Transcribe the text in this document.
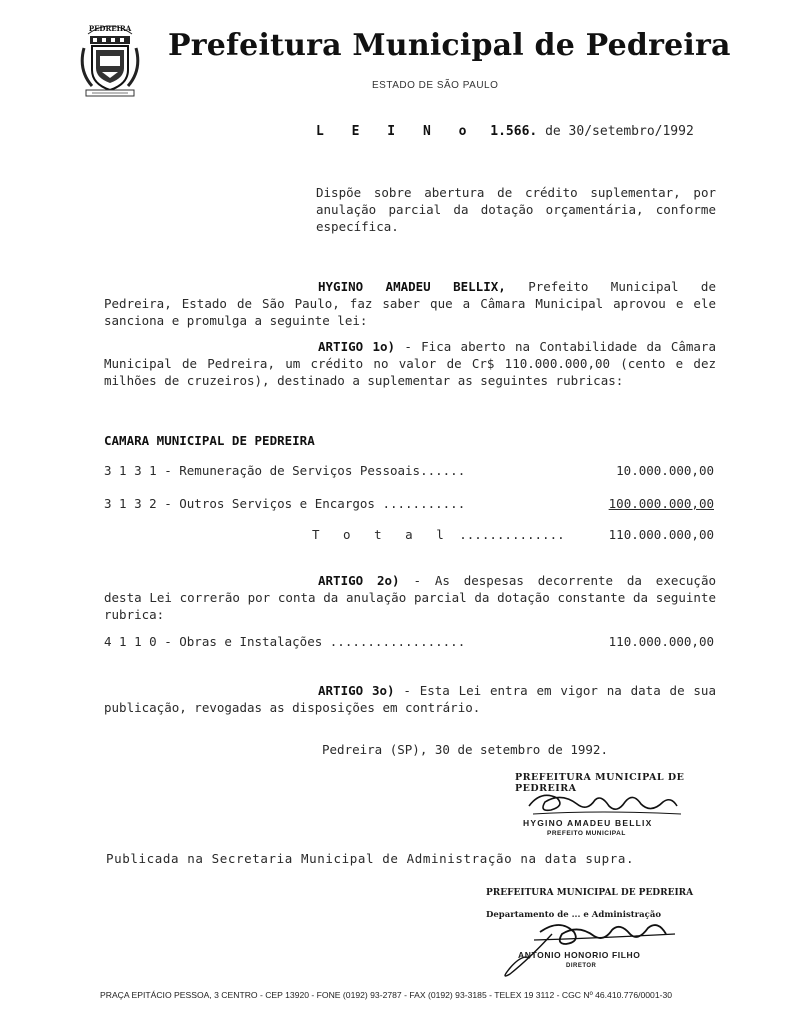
PEDREIRA Prefeitura Municipal de Pedreira
ESTADO DE SÃO PAULO
L E I N o 1.566. de 30/setembro/1992
Dispõe sobre abertura de crédito suplementar, por anulação parcial da dotação orçamentária, conforme específica.
HYGINO AMADEU BELLIX, Prefeito Municipal de Pedreira, Estado de São Paulo, faz saber que a Câmara Municipal aprovou e ele sanciona e promulga a seguinte lei:
ARTIGO 1o) - Fica aberto na Contabilidade da Câmara Municipal de Pedreira, um crédito no valor de Cr$ 110.000.000,00 (cento e dez milhões de cruzeiros), destinado a suplementar as seguintes rubricas:
CAMARA MUNICIPAL DE PEDREIRA
3 1 3 1 - Remuneração de Serviços Pessoais......	10.000.000,00
3 1 3 2 - Outros Serviços e Encargos ...........	100.000.000,00
T o t a l ..............	110.000.000,00
ARTIGO 2o) - As despesas decorrente da execução desta Lei correrão por conta da anulação parcial da dotação constante da seguinte rubrica:
4 1 1 0 - Obras e Instalações ..................	110.000.000,00
ARTIGO 3o) - Esta Lei entra em vigor na data de sua publicação, revogadas as disposições em contrário.
Pedreira (SP), 30 de setembro de 1992.
PREFEITURA MUNICIPAL DE PEDREIRA
HYGINO AMADEU BELLIX
PREFEITO MUNICIPAL
Publicada na Secretaria Municipal de Administração na data supra.
PREFEITURA MUNICIPAL DE PEDREIRA
Departamento de ... e Administração
ANTONIO HONORIO FILHO
DIRETOR
PRAÇA EPITÁCIO PESSOA, 3 CENTRO - CEP 13920 - FONE (0192) 93-2787 - FAX (0192) 93-3185 - TELEX 19 3112 - CGC Nº 46.410.776/0001-30
